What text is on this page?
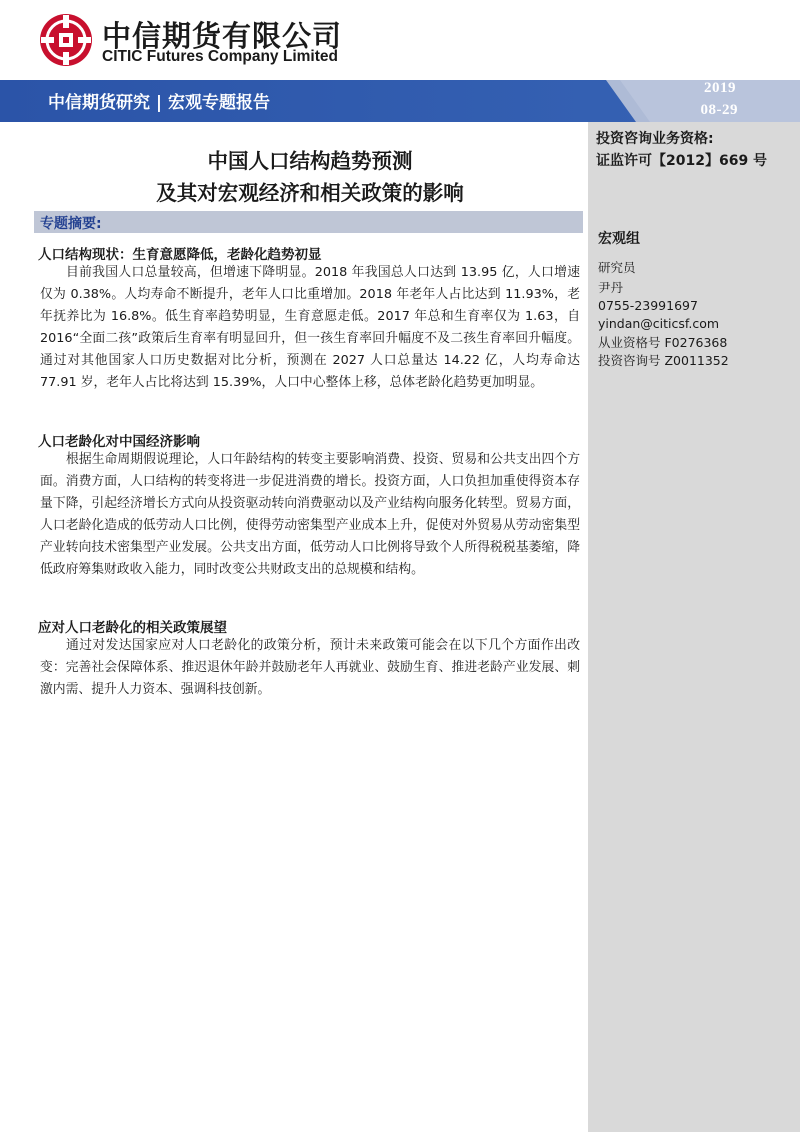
中信期货有限公司
CITIC Futures Company Limited
中信期货研究 | 宏观专题报告
2019
08-29
投资咨询业务资格:
证监许可【2012】669 号
宏观组
研究员
尹丹
0755-23991697
yindan@citicsf.com
从业资格号 F0276368
投资咨询号 Z0011352
中国人口结构趋势预测
及其对宏观经济和相关政策的影响
专题摘要:
人口结构现状：生育意愿降低，老龄化趋势初显
目前我国人口总量较高，但增速下降明显。2018 年我国总人口达到 13.95 亿，人口增速仅为 0.38%。人均寿命不断提升，老年人口比重增加。2018 年老年人占比达到 11.93%，老年抚养比为 16.8%。低生育率趋势明显，生育意愿走低。2017 年总和生育率仅为 1.63，自 2016“全面二孩”政策后生育率有明显回升，但一孩生育率回升幅度不及二孩生育率回升幅度。通过对其他国家人口历史数据对比分析，预测在 2027 人口总量达 14.22 亿，人均寿命达 77.91 岁，老年人占比将达到 15.39%，人口中心整体上移，总体老龄化趋势更加明显。
人口老龄化对中国经济影响
根据生命周期假说理论，人口年龄结构的转变主要影响消费、投资、贸易和公共支出四个方面。消费方面，人口结构的转变将进一步促进消费的增长。投资方面，人口负担加重使得资本存量下降，引起经济增长方式向从投资驱动转向消费驱动以及产业结构向服务化转型。贸易方面，人口老龄化造成的低劳动人口比例，使得劳动密集型产业成本上升，促使对外贸易从劳动密集型产业转向技术密集型产业发展。公共支出方面，低劳动人口比例将导致个人所得税税基萎缩，降低政府筹集财政收入能力，同时改变公共财政支出的总规模和结构。
应对人口老龄化的相关政策展望
通过对发达国家应对人口老龄化的政策分析，预计未来政策可能会在以下几个方面作出改变：完善社会保障体系、推迟退休年龄并鼓励老年人再就业、鼓励生育、推进老龄产业发展、刺激内需、提升人力资本、强调科技创新。
